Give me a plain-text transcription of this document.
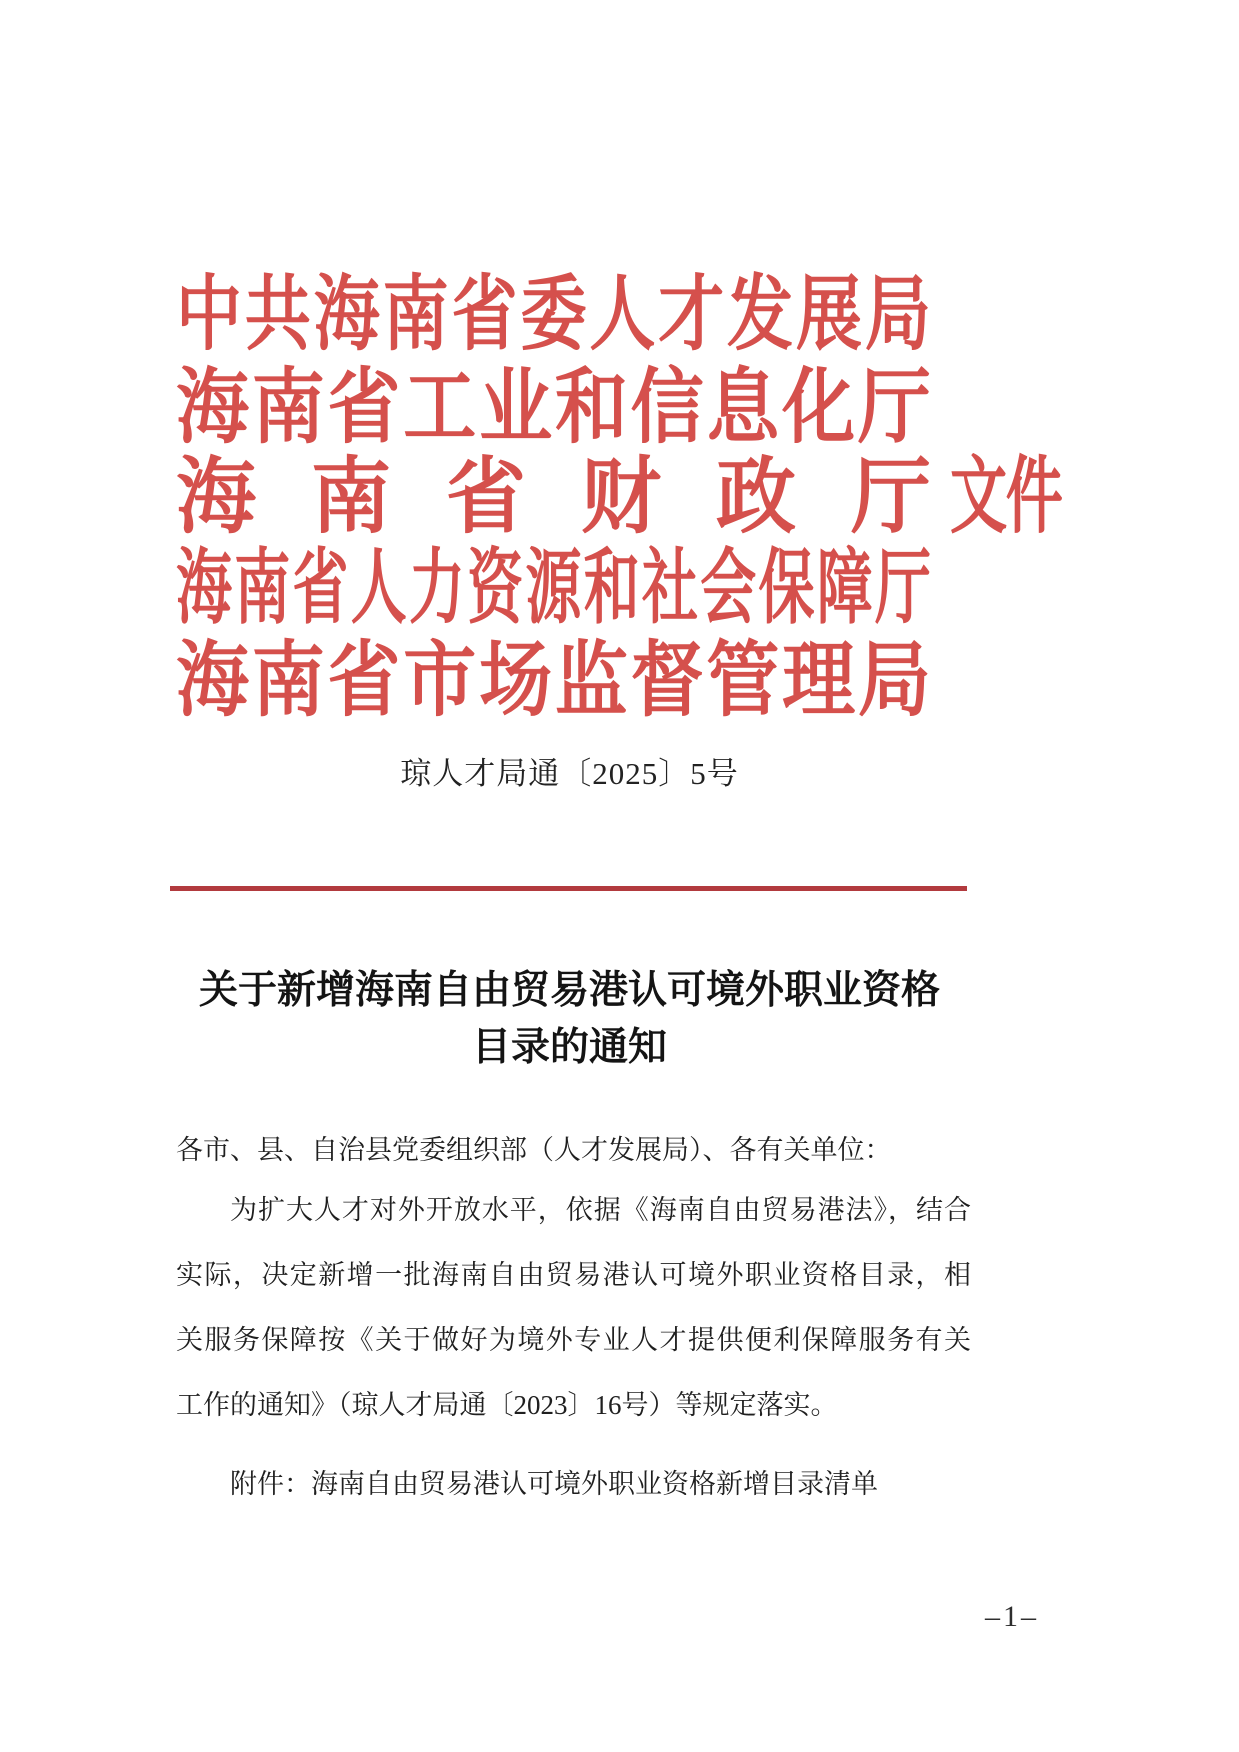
中 共 海 南 省 委 人 才 发 展 局
海 南 省 工 业 和 信 息 化 厅
海 南 省 财 政 厅
海 南 省 人 力 资 源 和 社 会 保 障 厅
海 南 省 市 场 监 督 管 理 局
文件
琼人才局通〔2025〕5号
关于新增海南自由贸易港认可境外职业资格
目录的通知
各市、县、自治县党委组织部（人才发展局）、各有关单位：
为扩大人才对外开放水平，依据《海南自由贸易港法》，结合
实际，决定新增一批海南自由贸易港认可境外职业资格目录，相
关服务保障按《关于做好为境外专业人才提供便利保障服务有关
工作的通知》（琼人才局通〔2023〕16号）等规定落实。
附件：海南自由贸易港认可境外职业资格新增目录清单
–1–
